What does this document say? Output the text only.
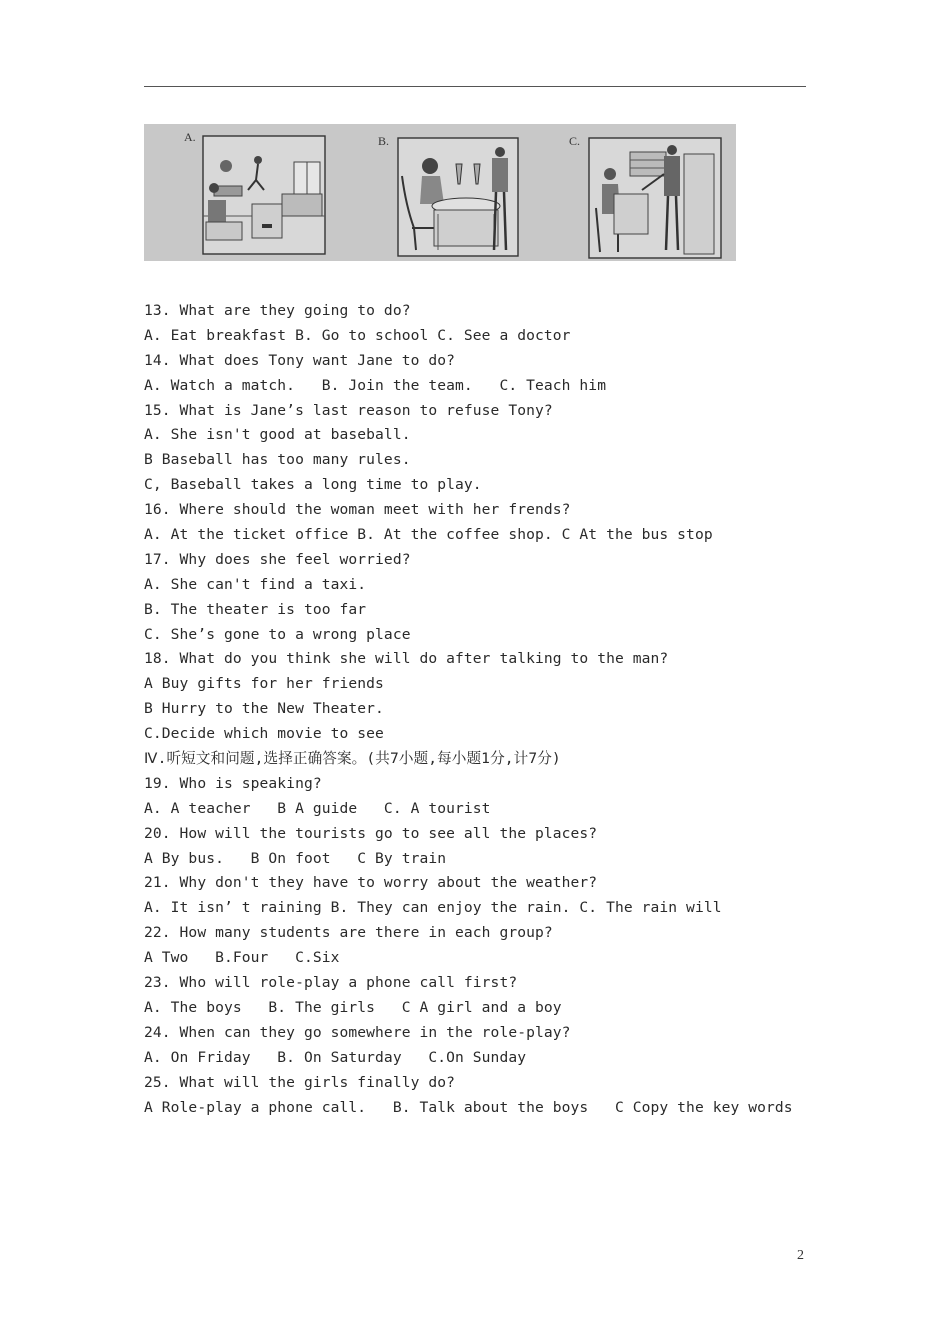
A.	B.	C.
13. What are they going to do?
A. Eat breakfast B. Go to school C. See a doctor
14. What does Tony want Jane to do?
A. Watch a match.   B. Join the team.   C. Teach him
15. What is Jane’s last reason to refuse Tony?
A. She isn't good at baseball.
B Baseball has too many rules.
C, Baseball takes a long time to play.
16. Where should the woman meet with her frends?
A. At the ticket office B. At the coffee shop. C At the bus stop
17. Why does she feel worried?
A. She can't find a taxi.
B. The theater is too far
C. She’s gone to a wrong place
18. What do you think she will do after talking to the man?
A Buy gifts for her friends
B Hurry to the New Theater.
C.Decide which movie to see
Ⅳ.听短文和问题,选择正确答案。(共7小题,每小题1分,计7分)
19. Who is speaking?
A. A teacher   B A guide   C. A tourist
20. How will the tourists go to see all the places?
A By bus.   B On foot   C By train
21. Why don't they have to worry about the weather?
A. It isn’ t raining B. They can enjoy the rain. C. The rain will
22. How many students are there in each group?
A Two   B.Four   C.Six
23. Who will role-play a phone call first?
A. The boys   B. The girls   C A girl and a boy
24. When can they go somewhere in the role-play?
A. On Friday   B. On Saturday   C.On Sunday
25. What will the girls finally do?
A Role-play a phone call.   B. Talk about the boys   C Copy the key words
2
